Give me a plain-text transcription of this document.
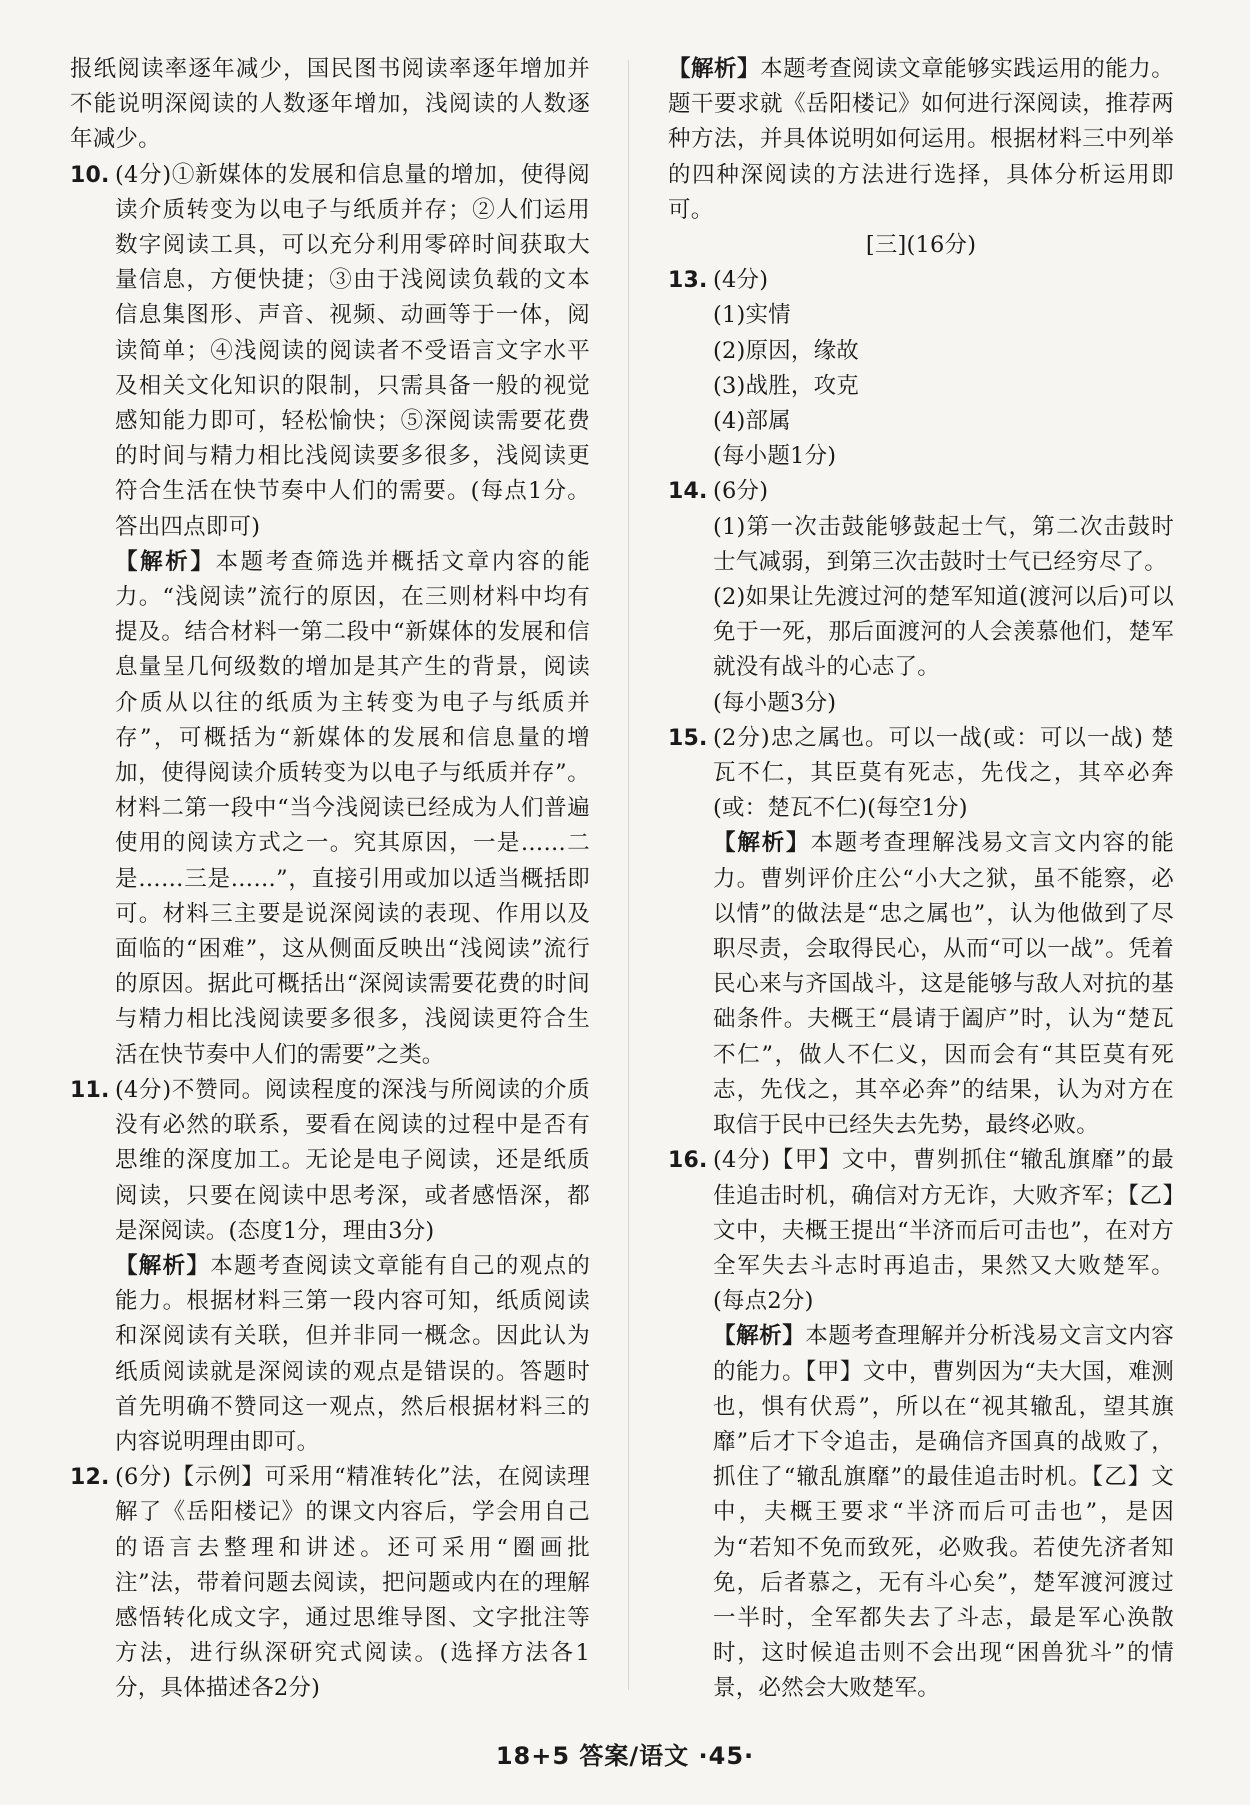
报纸阅读率逐年减少，国民图书阅读率逐年增加并不能说明深阅读的人数逐年增加，浅阅读的人数逐年减少。

10. (4分)①新媒体的发展和信息量的增加，使得阅读介质转变为以电子与纸质并存；②人们运用数字阅读工具，可以充分利用零碎时间获取大量信息，方便快捷；③由于浅阅读负载的文本信息集图形、声音、视频、动画等于一体，阅读简单；④浅阅读的阅读者不受语言文字水平及相关文化知识的限制，只需具备一般的视觉感知能力即可，轻松愉快；⑤深阅读需要花费的时间与精力相比浅阅读要多很多，浅阅读更符合生活在快节奏中人们的需要。(每点1分。答出四点即可)
【解析】本题考查筛选并概括文章内容的能力。“浅阅读”流行的原因，在三则材料中均有提及。结合材料一第二段中“新媒体的发展和信息量呈几何级数的增加是其产生的背景，阅读介质从以往的纸质为主转变为电子与纸质并存”，可概括为“新媒体的发展和信息量的增加，使得阅读介质转变为以电子与纸质并存”。材料二第一段中“当今浅阅读已经成为人们普遍使用的阅读方式之一。究其原因，一是……二是……三是……”，直接引用或加以适当概括即可。材料三主要是说深阅读的表现、作用以及面临的“困难”，这从侧面反映出“浅阅读”流行的原因。据此可概括出“深阅读需要花费的时间与精力相比浅阅读要多很多，浅阅读更符合生活在快节奏中人们的需要”之类。
11. (4分)不赞同。阅读程度的深浅与所阅读的介质没有必然的联系，要看在阅读的过程中是否有思维的深度加工。无论是电子阅读，还是纸质阅读，只要在阅读中思考深，或者感悟深，都是深阅读。(态度1分，理由3分)
【解析】本题考查阅读文章能有自己的观点的能力。根据材料三第一段内容可知，纸质阅读和深阅读有关联，但并非同一概念。因此认为纸质阅读就是深阅读的观点是错误的。答题时首先明确不赞同这一观点，然后根据材料三的内容说明理由即可。
12. (6分)【示例】可采用“精准转化”法，在阅读理解了《岳阳楼记》的课文内容后，学会用自己的语言去整理和讲述。还可采用“圈画批注”法，带着问题去阅读，把问题或内在的理解感悟转化成文字，通过思维导图、文字批注等方法，进行纵深研究式阅读。(选择方法各1分，具体描述各2分)

【解析】本题考查阅读文章能够实践运用的能力。题干要求就《岳阳楼记》如何进行深阅读，推荐两种方法，并具体说明如何运用。根据材料三中列举的四种深阅读的方法进行选择，具体分析运用即可。

[三](16分)

13. (4分)
(1)实情
(2)原因，缘故
(3)战胜，攻克
(4)部属
(每小题1分)
14. (6分)
(1)第一次击鼓能够鼓起士气，第二次击鼓时士气减弱，到第三次击鼓时士气已经穷尽了。
(2)如果让先渡过河的楚军知道(渡河以后)可以免于一死，那后面渡河的人会羡慕他们，楚军就没有战斗的心志了。
(每小题3分)
15. (2分)忠之属也。可以一战(或：可以一战) 楚瓦不仁，其臣莫有死志，先伐之，其卒必奔(或：楚瓦不仁)(每空1分)
【解析】本题考查理解浅易文言文内容的能力。曹刿评价庄公“小大之狱，虽不能察，必以情”的做法是“忠之属也”，认为他做到了尽职尽责，会取得民心，从而“可以一战”。凭着民心来与齐国战斗，这是能够与敌人对抗的基础条件。夫概王“晨请于阖庐”时，认为“楚瓦不仁”，做人不仁义，因而会有“其臣莫有死志，先伐之，其卒必奔”的结果，认为对方在取信于民中已经失去先势，最终必败。
16. (4分)【甲】文中，曹刿抓住“辙乱旗靡”的最佳追击时机，确信对方无诈，大败齐军；【乙】文中，夫概王提出“半济而后可击也”，在对方全军失去斗志时再追击，果然又大败楚军。(每点2分)
【解析】本题考查理解并分析浅易文言文内容的能力。【甲】文中，曹刿因为“夫大国，难测也，惧有伏焉”，所以在“视其辙乱，望其旗靡”后才下令追击，是确信齐国真的战败了，抓住了“辙乱旗靡”的最佳追击时机。【乙】文中，夫概王要求“半济而后可击也”，是因为“若知不免而致死，必败我。若使先济者知免，后者慕之，无有斗心矣”，楚军渡河渡过一半时，全军都失去了斗志，最是军心涣散时，这时候追击则不会出现“困兽犹斗”的情景，必然会大败楚军。
18+5 答案/语文 ·45·
